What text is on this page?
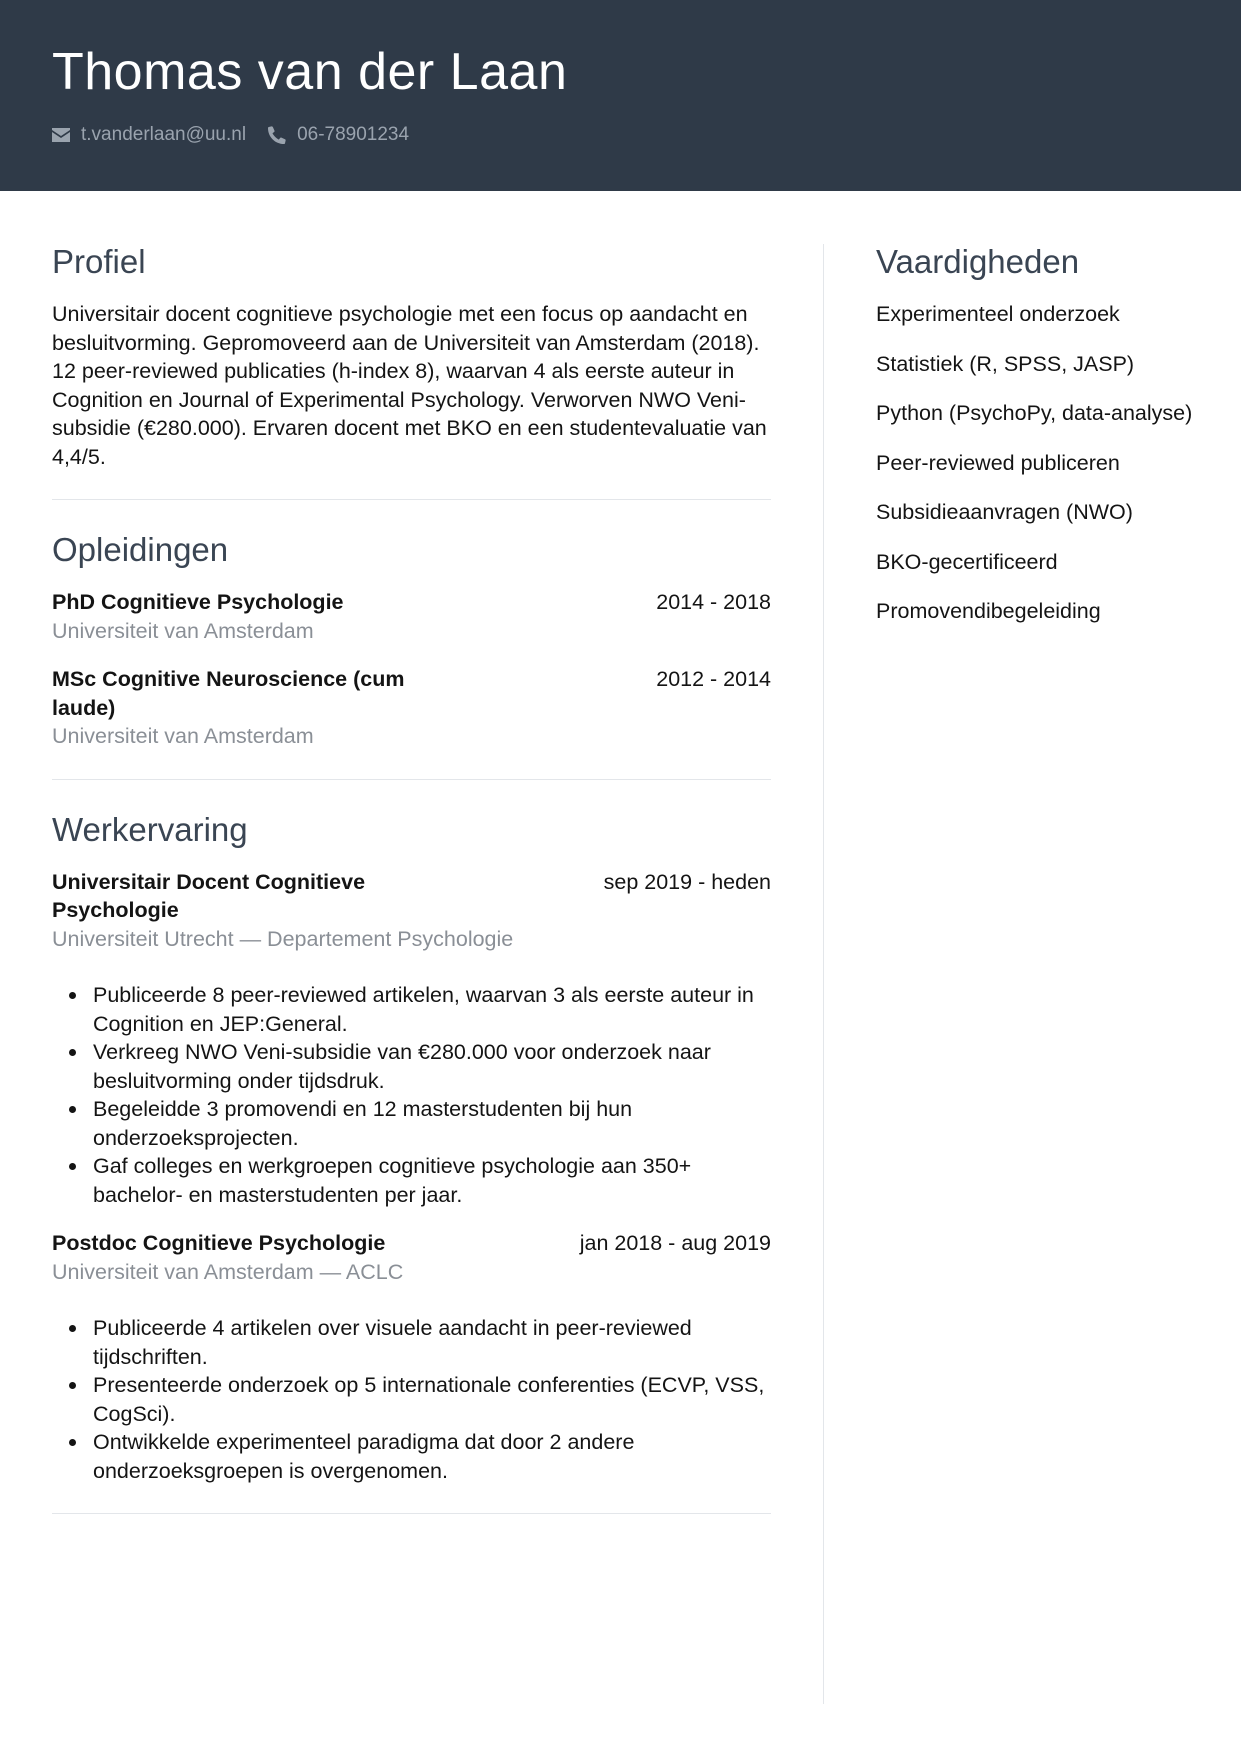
Thomas van der Laan
t.vanderlaan@uu.nl	06-78901234
Profiel

Universitair docent cognitieve psychologie met een focus op aandacht en besluitvorming. Gepromoveerd aan de Universiteit van Amsterdam (2018). 12 peer-reviewed publicaties (h-index 8), waarvan 4 als eerste auteur in Cognition en Journal of Experimental Psychology. Verworven NWO Veni-subsidie (€280.000). Ervaren docent met BKO en een studentevaluatie van 4,4/5.

Opleidingen
PhD Cognitieve Psychologie	2014 - 2018
Universiteit van Amsterdam
MSc Cognitive Neuroscience (cum laude)
2012 - 2014
Universiteit van Amsterdam
Werkervaring
Universitair Docent Cognitieve Psychologie
sep 2019 - heden
Universiteit Utrecht — Departement Psychologie
Publiceerde 8 peer-reviewed artikelen, waarvan 3 als eerste auteur in Cognition en JEP:General.
Verkreeg NWO Veni-subsidie van €280.000 voor onderzoek naar besluitvorming onder tijdsdruk.
Begeleidde 3 promovendi en 12 masterstudenten bij hun onderzoeksprojecten.
Gaf colleges en werkgroepen cognitieve psychologie aan 350+ bachelor- en masterstudenten per jaar.
Postdoc Cognitieve Psychologie	jan 2018 - aug 2019
Universiteit van Amsterdam — ACLC
Publiceerde 4 artikelen over visuele aandacht in peer-reviewed tijdschriften.
Presenteerde onderzoek op 5 internationale conferenties (ECVP, VSS, CogSci).
Ontwikkelde experimenteel paradigma dat door 2 andere onderzoeksgroepen is overgenomen.
Vaardigheden
Experimenteel onderzoek
Statistiek (R, SPSS, JASP)
Python (PsychoPy, data-analyse)
Peer-reviewed publiceren
Subsidieaanvragen (NWO)
BKO-gecertificeerd
Promovendibegeleiding
